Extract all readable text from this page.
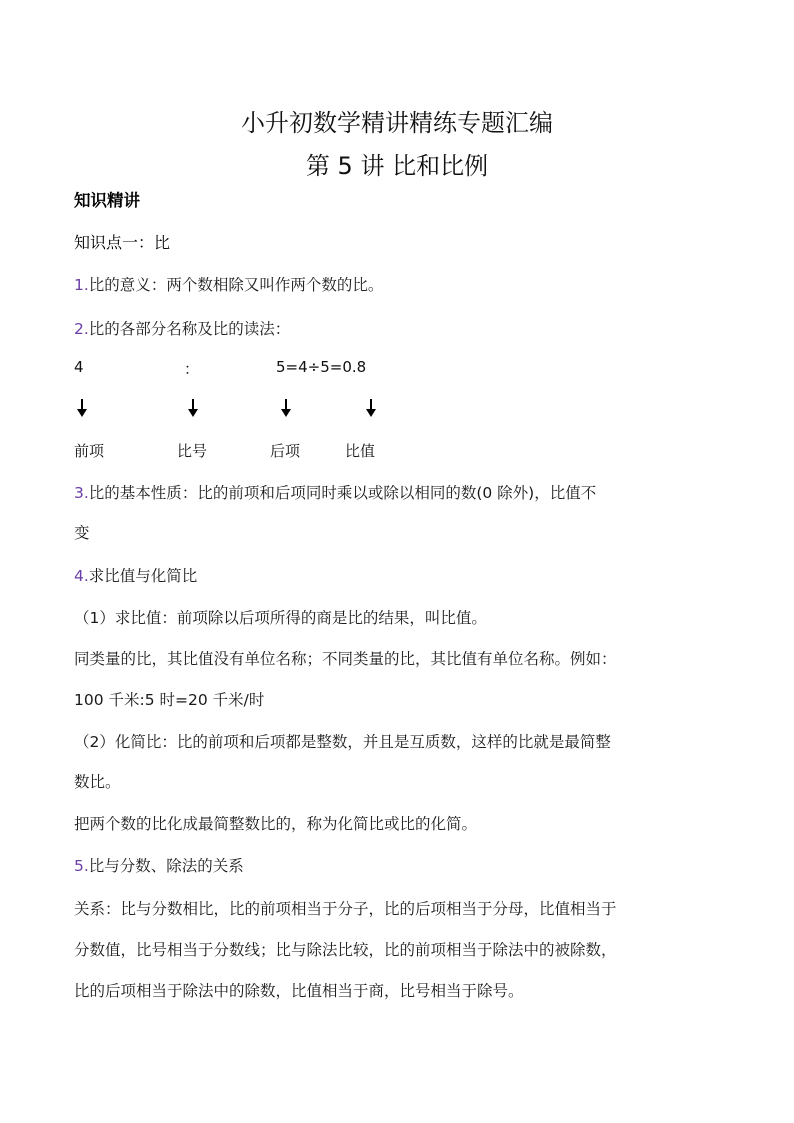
小升初数学精讲精练专题汇编
第 5 讲 比和比例
知识精讲
知识点一：比
1.比的意义：两个数相除又叫作两个数的比。
2.比的各部分名称及比的读法：
4	：	5=4÷5=0.8
前项	比号	后项	比值
3.比的基本性质：比的前项和后项同时乘以或除以相同的数(0 除外)，比值不
变
4.求比值与化简比
（1）求比值：前项除以后项所得的商是比的结果，叫比值。
同类量的比，其比值没有单位名称；不同类量的比，其比值有单位名称。例如：
100 千米:5 时=20 千米/时
（2）化简比：比的前项和后项都是整数，并且是互质数，这样的比就是最简整
数比。
把两个数的比化成最简整数比的，称为化简比或比的化简。
5.比与分数、除法的关系
关系：比与分数相比，比的前项相当于分子，比的后项相当于分母，比值相当于
分数值，比号相当于分数线；比与除法比较，比的前项相当于除法中的被除数，
比的后项相当于除法中的除数，比值相当于商，比号相当于除号。
